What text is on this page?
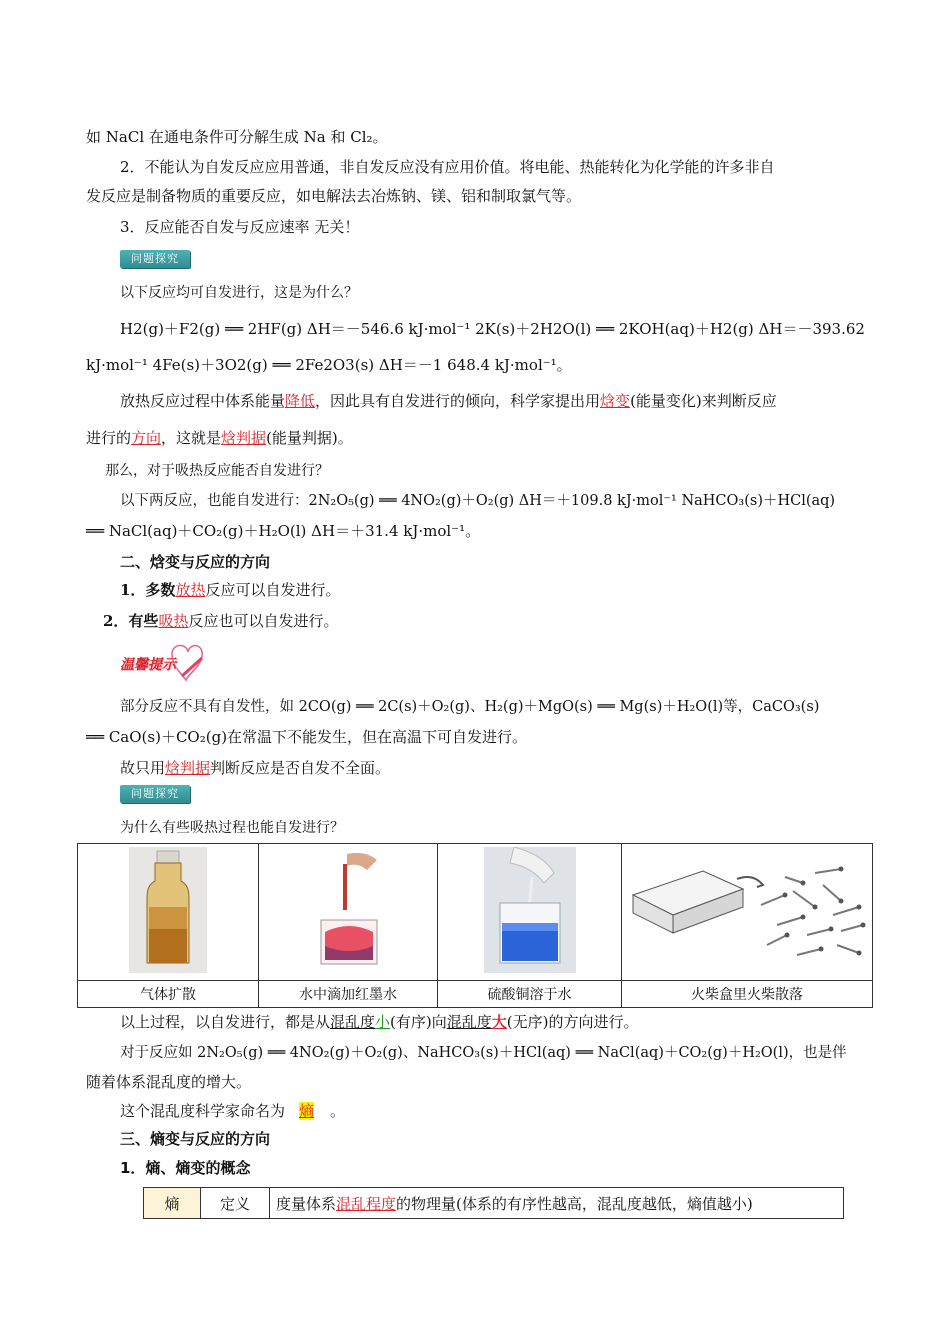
如 NaCl 在通电条件可分解生成 Na 和 Cl₂。
2．不能认为自发反应应用普通，非自发反应没有应用价值。将电能、热能转化为化学能的许多非自
发反应是制备物质的重要反应，如电解法去冶炼钠、镁、铝和制取氯气等。
3．反应能否自发与反应速率 无关！
问题探究
以下反应均可自发进行，这是为什么？
H2(g)＋F2(g) ══ 2HF(g) ΔH＝－546.6 kJ·mol⁻¹ 2K(s)＋2H2O(l) ══ 2KOH(aq)＋H2(g) ΔH＝－393.62
kJ·mol⁻¹ 4Fe(s)＋3O2(g) ══ 2Fe2O3(s) ΔH＝－1 648.4 kJ·mol⁻¹。
放热反应过程中体系能量降低，因此具有自发进行的倾向，科学家提出用焓变(能量变化)来判断反应
进行的方向，这就是焓判据(能量判据)。
那么，对于吸热反应能否自发进行？
以下两反应，也能自发进行：2N₂O₅(g) ══ 4NO₂(g)＋O₂(g) ΔH＝＋109.8 kJ·mol⁻¹ NaHCO₃(s)＋HCl(aq)
══ NaCl(aq)＋CO₂(g)＋H₂O(l) ΔH＝＋31.4 kJ·mol⁻¹。
二、焓变与反应的方向
1．多数放热反应可以自发进行。
2．有些吸热反应也可以自发进行。
温馨提示
部分反应不具有自发性，如 2CO(g) ══ 2C(s)＋O₂(g)、H₂(g)＋MgO(s) ══ Mg(s)＋H₂O(l)等，CaCO₃(s)
══ CaO(s)＋CO₂(g)在常温下不能发生，但在高温下可自发进行。
故只用焓判据判断反应是否自发不全面。
问题探究
为什么有些吸热过程也能自发进行？

气体扩散	水中滴加红墨水	硫酸铜溶于水	火柴盒里火柴散落
以上过程，以自发进行，都是从混乱度小(有序)向混乱度大(无序)的方向进行。
对于反应如 2N₂O₅(g) ══ 4NO₂(g)＋O₂(g)、NaHCO₃(s)＋HCl(aq) ══ NaCl(aq)＋CO₂(g)＋H₂O(l)，也是伴
随着体系混乱度的增大。
这个混乱度科学家命名为 熵 。
三、熵变与反应的方向
1．熵、熵变的概念
熵	定义	度量体系混乱程度的物理量(体系的有序性越高，混乱度越低，熵值越小)
